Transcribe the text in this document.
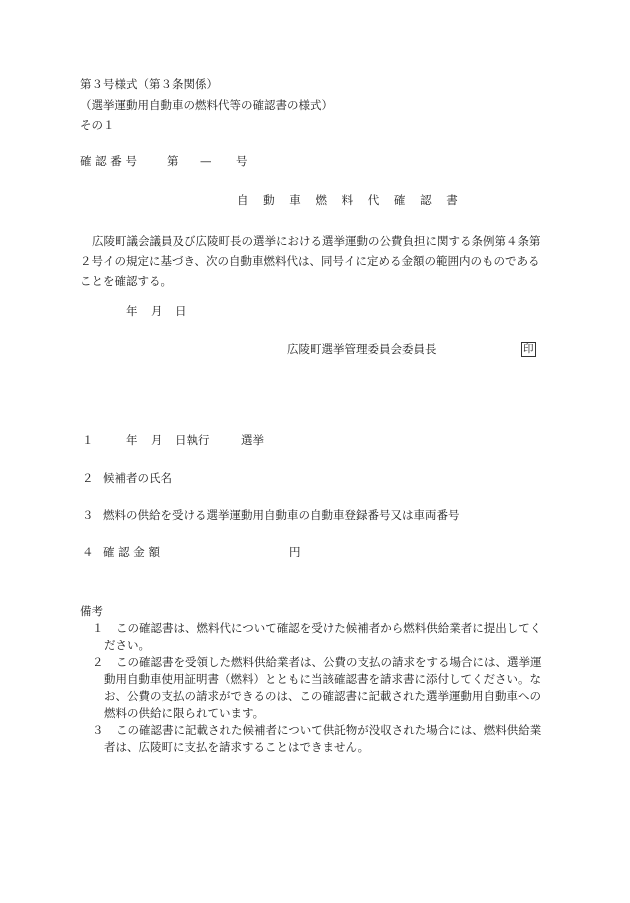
第３号様式（第３条関係）
（選挙運動用自動車の燃料代等の確認書の様式）
その１
確 認 番 号	第 — 号
自 動 車 燃 料 代 確 認 書
広陵町議会議員及び広陵町長の選挙における選挙運動の公費負担に関する条例第４条第
２号イの規定に基づき、次の自動車燃料代は、同号イに定める金額の範囲内のものである
ことを確認する。
年 月 日
広陵町選挙管理委員会委員長	印
１	年 月 日執行	選挙
２ 候補者の氏名
３ 燃料の供給を受ける選挙運動用自動車の自動車登録番号又は車両番号
４ 確 認 金 額	円
備考
１	この確認書は、燃料代について確認を受けた候補者から燃料供給業者に提出してく
ださい。
２	この確認書を受領した燃料供給業者は、公費の支払の請求をする場合には、選挙運
動用自動車使用証明書（燃料）とともに当該確認書を請求書に添付してください。な
お、公費の支払の請求ができるのは、この確認書に記載された選挙運動用自動車への
燃料の供給に限られています。
３	この確認書に記載された候補者について供託物が没収された場合には、燃料供給業
者は、広陵町に支払を請求することはできません。
